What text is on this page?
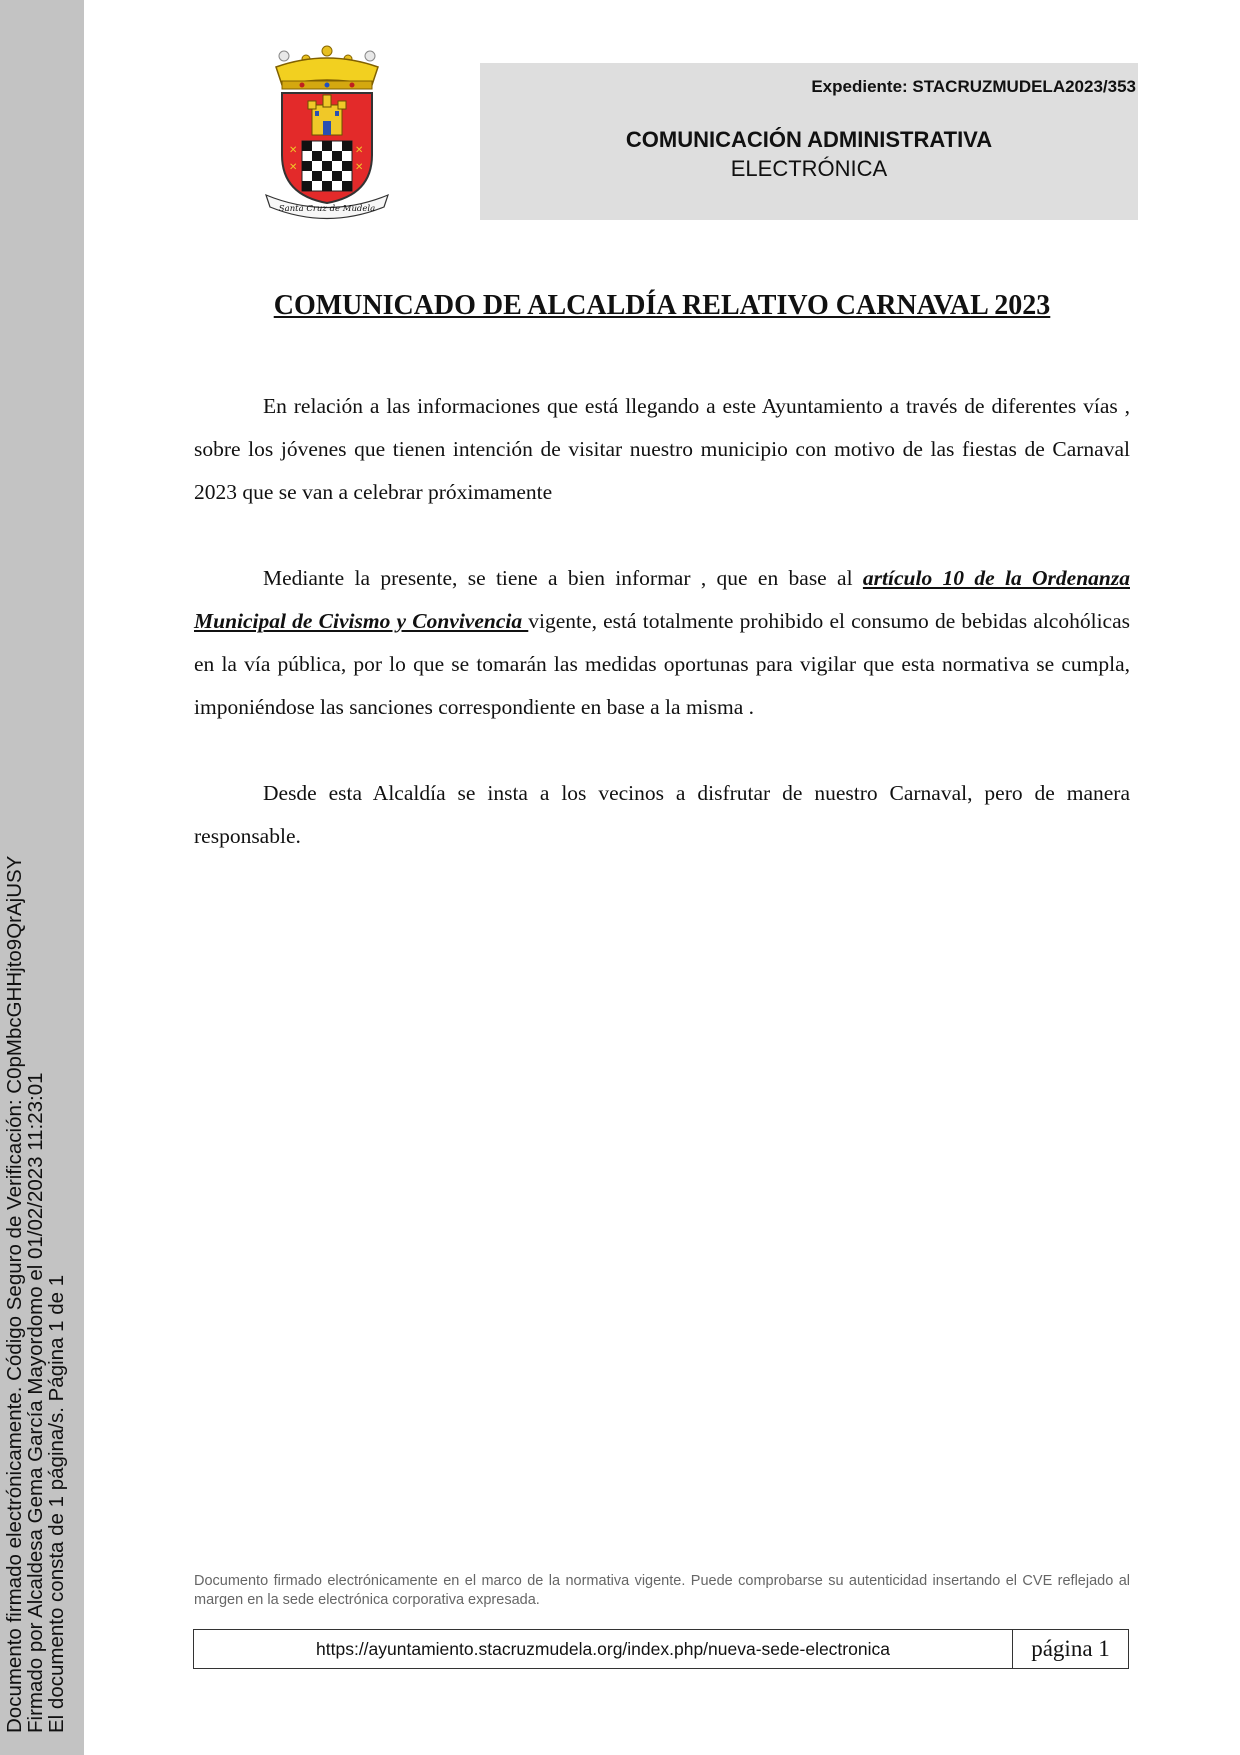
Documento firmado electrónicamente. Código Seguro de Verificación: C0pMbcGHHjto9QrAjUSY
Firmado por Alcaldesa Gema García Mayordomo el 01/02/2023 11:23:01
El documento consta de 1 página/s. Página 1 de 1
✕	✕
✕	✕
Santa Cruz de Mudela
Expediente: STACRUZMUDELA2023/353
COMUNICACIÓN ADMINISTRATIVA
ELECTRÓNICA
COMUNICADO DE ALCALDÍA RELATIVO CARNAVAL 2023

En relación a las informaciones que está llegando a este Ayuntamiento a través de diferentes vías , sobre los jóvenes que tienen intención de visitar nuestro municipio con motivo de las fiestas de Carnaval 2023 que se van a celebrar próximamente

Mediante la presente, se tiene a bien informar , que en base al artículo 10 de la Ordenanza Municipal de Civismo y Convivencia vigente, está totalmente prohibido el consumo de bebidas alcohólicas en la vía pública, por lo que se tomarán las medidas oportunas para vigilar que esta normativa se cumpla, imponiéndose las sanciones correspondiente en base a la misma .

Desde esta Alcaldía se insta a los vecinos a disfrutar de nuestro Carnaval, pero de manera responsable.

Documento firmado electrónicamente en el marco de la normativa vigente. Puede comprobarse su autenticidad insertando el CVE reflejado al margen en la sede electrónica corporativa expresada.
https://ayuntamiento.stacruzmudela.org/index.php/nueva-sede-electronica	página 1
